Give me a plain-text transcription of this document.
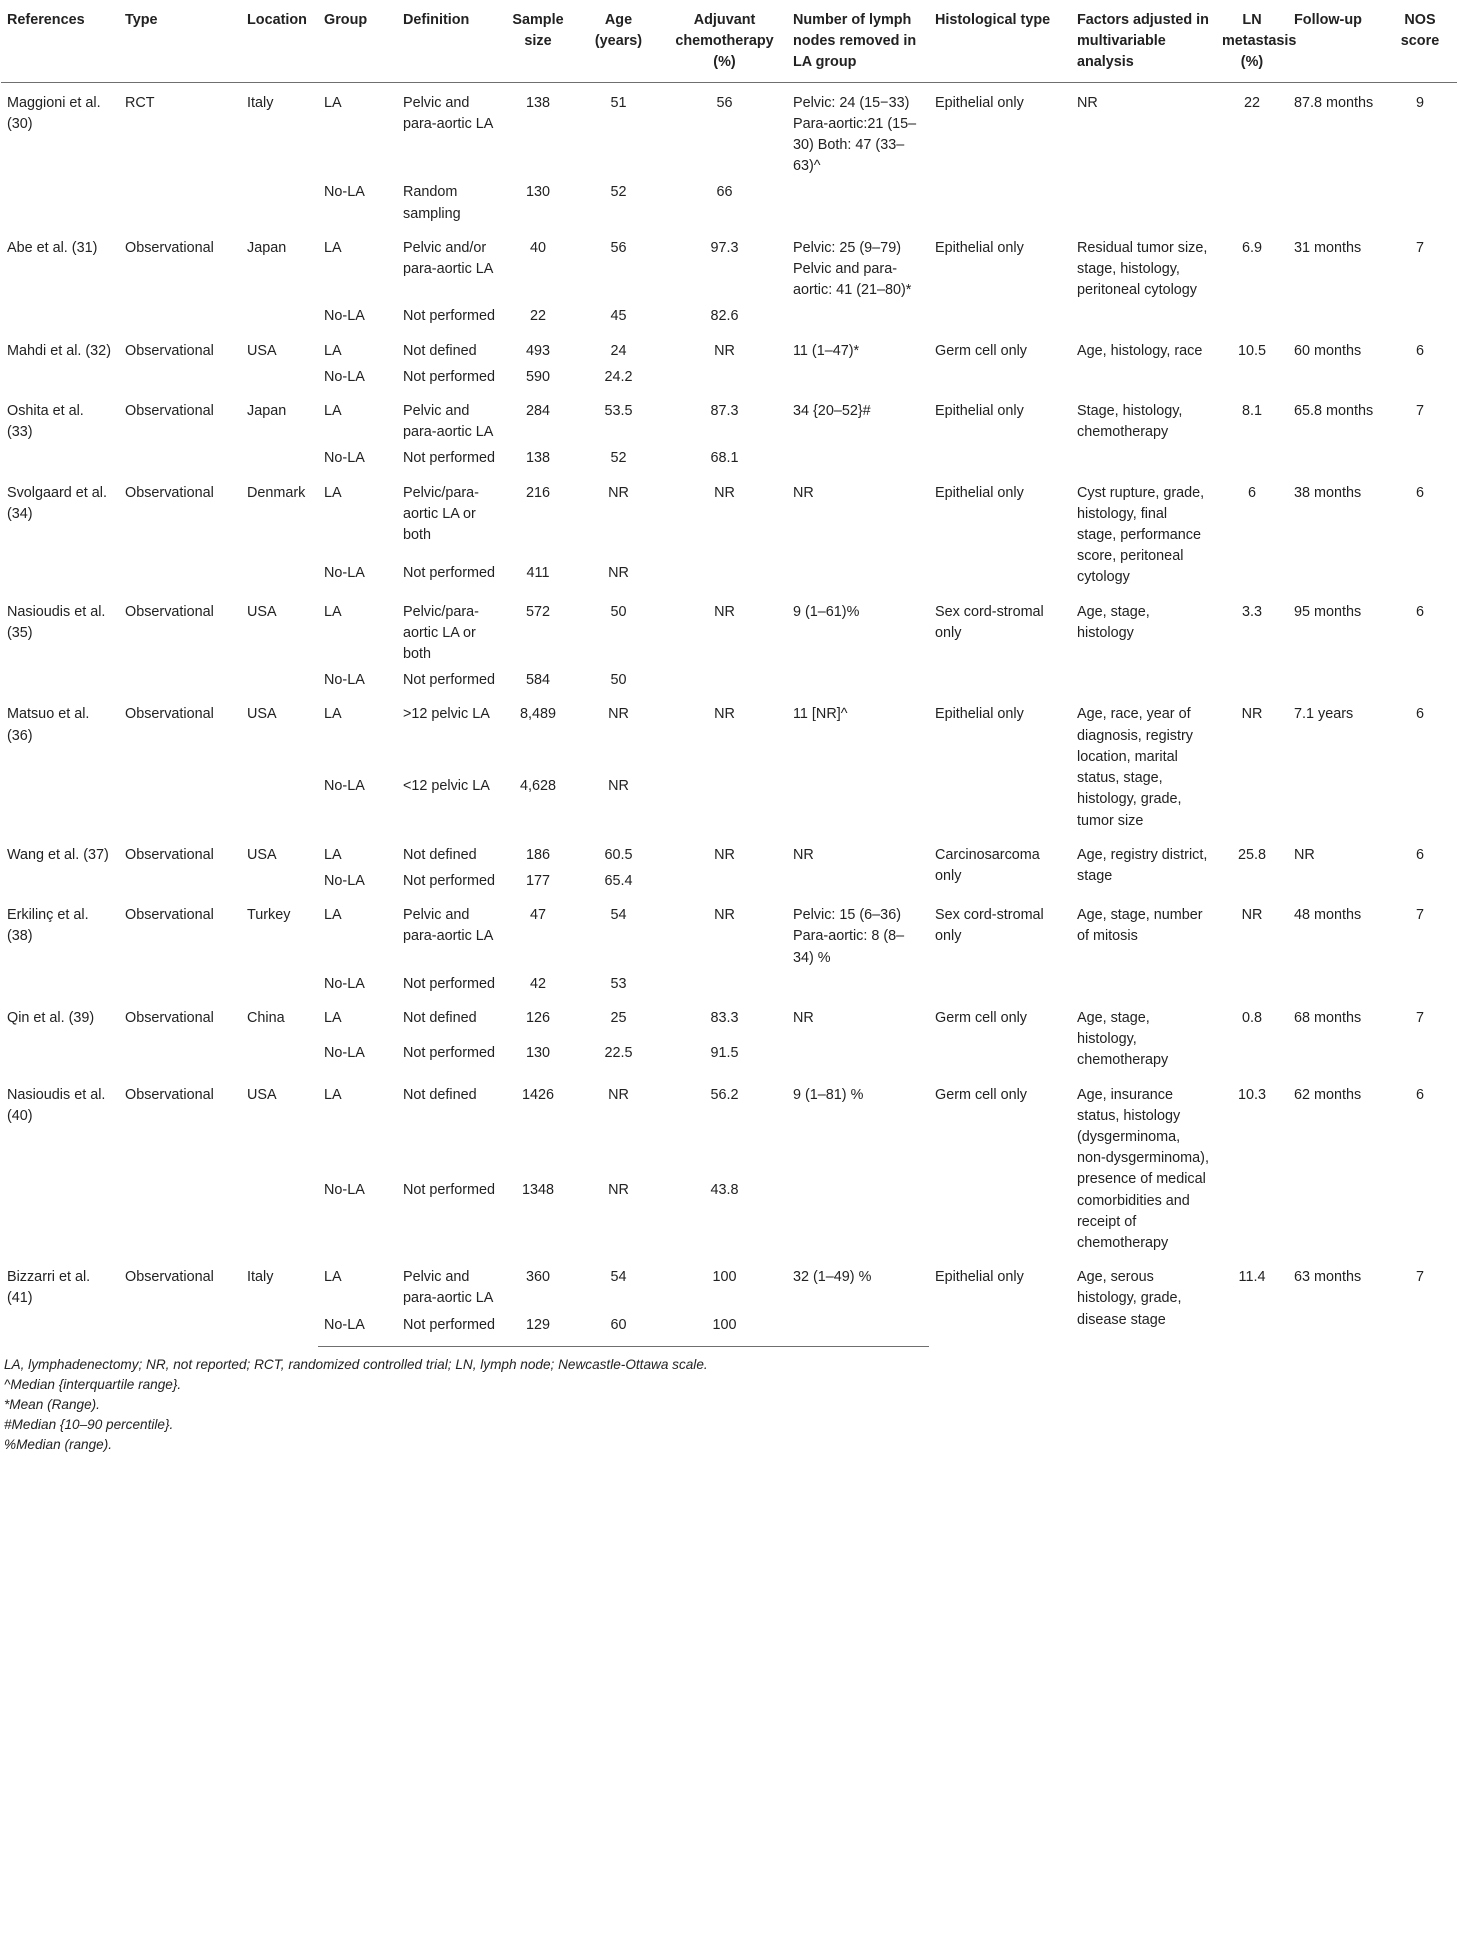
References	Type	Location	Group	Definition	Sample size	Age (years)	Adjuvant chemotherapy (%)	Number of lymph nodes removed in LA group	Histological type	Factors adjusted in multivariable analysis	LN metastasis (%)	Follow-up	NOS score
Maggioni et al. (30)	RCT	Italy	LA	Pelvic and para-aortic LA	138	51	56	Pelvic: 24 (15−33) Para-aortic:21 (15–30) Both: 47 (33–63)^	Epithelial only	NR	22	87.8 months	9
			No-LA	Random sampling	130	52	66						
Abe et al. (31)	Observational	Japan	LA	Pelvic and/or para-aortic LA	40	56	97.3	Pelvic: 25 (9–79) Pelvic and para-aortic: 41 (21–80)*	Epithelial only	Residual tumor size, stage, histology, peritoneal cytology	6.9	31 months	7
			No-LA	Not performed	22	45	82.6						
Mahdi et al. (32)	Observational	USA	LA	Not defined	493	24	NR	11 (1–47)*	Germ cell only	Age, histology, race	10.5	60 months	6
			No-LA	Not performed	590	24.2							
Oshita et al. (33)	Observational	Japan	LA	Pelvic and para-aortic LA	284	53.5	87.3	34 {20–52}#	Epithelial only	Stage, histology, chemotherapy	8.1	65.8 months	7
			No-LA	Not performed	138	52	68.1						
Svolgaard et al. (34)	Observational	Denmark	LA	Pelvic/para-aortic LA or both	216	NR	NR	NR	Epithelial only	Cyst rupture, grade, histology, final stage, performance score, peritoneal cytology	6	38 months	6
			No-LA	Not performed	411	NR							
Nasioudis et al. (35)	Observational	USA	LA	Pelvic/para-aortic LA or both	572	50	NR	9 (1–61)%	Sex cord-stromal only	Age, stage, histology	3.3	95 months	6
			No-LA	Not performed	584	50							
Matsuo et al. (36)	Observational	USA	LA	>12 pelvic LA	8,489	NR	NR	11 [NR]^	Epithelial only	Age, race, year of diagnosis, registry location, marital status, stage, histology, grade, tumor size	NR	7.1 years	6
			No-LA	<12 pelvic LA	4,628	NR							
Wang et al. (37)	Observational	USA	LA	Not defined	186	60.5	NR	NR	Carcinosarcoma only	Age, registry district, stage	25.8	NR	6
			No-LA	Not performed	177	65.4							
Erkilinç et al. (38)	Observational	Turkey	LA	Pelvic and para-aortic LA	47	54	NR	Pelvic: 15 (6–36) Para-aortic: 8 (8–34) %	Sex cord-stromal only	Age, stage, number of mitosis	NR	48 months	7
			No-LA	Not performed	42	53							
Qin et al. (39)	Observational	China	LA	Not defined	126	25	83.3	NR	Germ cell only	Age, stage, histology, chemotherapy	0.8	68 months	7
			No-LA	Not performed	130	22.5	91.5						
Nasioudis et al. (40)	Observational	USA	LA	Not defined	1426	NR	56.2	9 (1–81) %	Germ cell only	Age, insurance status, histology (dysgerminoma, non-dysgerminoma), presence of medical comorbidities and receipt of chemotherapy	10.3	62 months	6
			No-LA	Not performed	1348	NR	43.8						
Bizzarri et al. (41)	Observational	Italy	LA	Pelvic and para-aortic LA	360	54	100	32 (1–49) %	Epithelial only	Age, serous histology, grade, disease stage	11.4	63 months	7
			No-LA	Not performed	129	60	100						
LA, lymphadenectomy; NR, not reported; RCT, randomized controlled trial; LN, lymph node; Newcastle-Ottawa scale.
^Median {interquartile range}.
*Mean (Range).
#Median {10–90 percentile}.
%Median (range).
